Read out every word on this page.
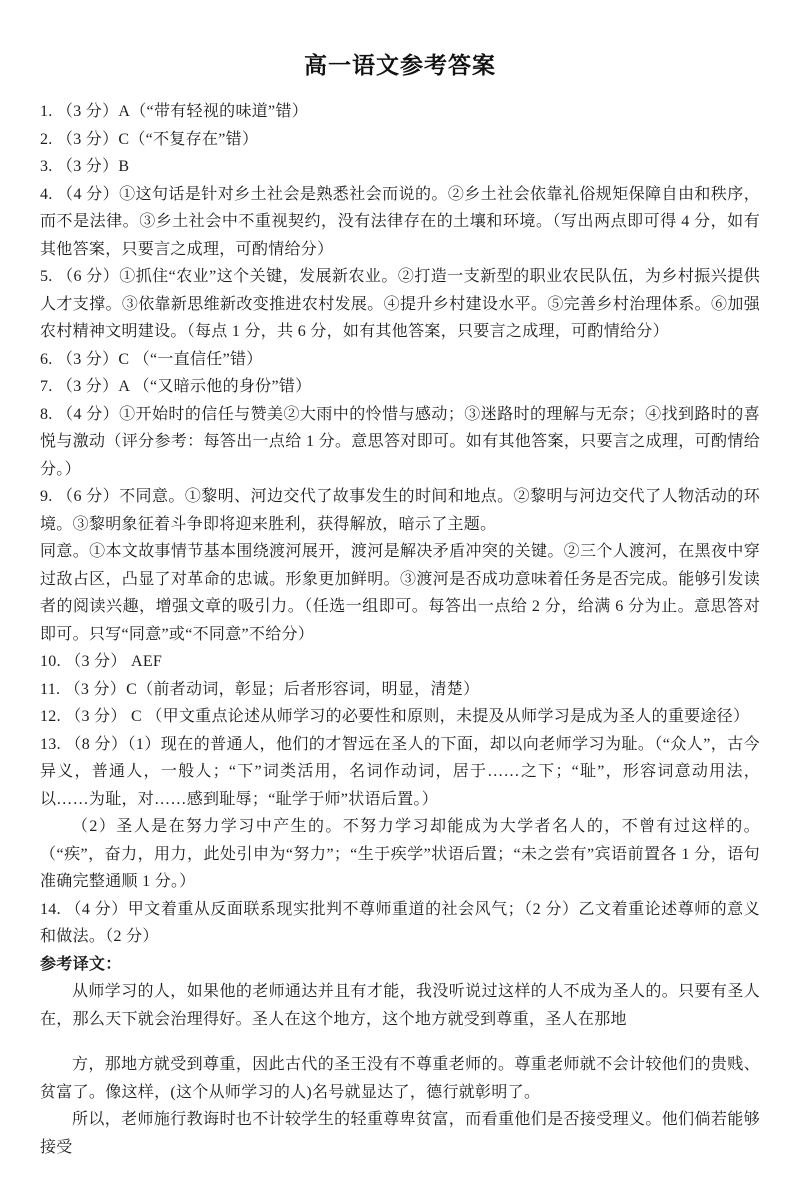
高一语文参考答案

1. （3 分）A（“带有轻视的味道”错）

2. （3 分）C（“不复存在”错）

3. （3 分）B

4. （4 分）①这句话是针对乡土社会是熟悉社会而说的。②乡土社会依靠礼俗规矩保障自由和秩序，而不是法律。③乡土社会中不重视契约，没有法律存在的土壤和环境。（写出两点即可得 4 分，如有其他答案，只要言之成理，可酌情给分）

5. （6 分）①抓住“农业”这个关键，发展新农业。②打造一支新型的职业农民队伍，为乡村振兴提供人才支撑。③依靠新思维新改变推进农村发展。④提升乡村建设水平。⑤完善乡村治理体系。⑥加强农村精神文明建设。（每点 1 分，共 6 分，如有其他答案，只要言之成理，可酌情给分）

6. （3 分）C （“一直信任”错）

7. （3 分）A （“又暗示他的身份”错）

8. （4 分）①开始时的信任与赞美②大雨中的怜惜与感动；③迷路时的理解与无奈；④找到路时的喜悦与激动（评分参考：每答出一点给 1 分。意思答对即可。如有其他答案，只要言之成理，可酌情给分。）

9. （6 分）不同意。①黎明、河边交代了故事发生的时间和地点。②黎明与河边交代了人物活动的环境。③黎明象征着斗争即将迎来胜利，获得解放，暗示了主题。

同意。①本文故事情节基本围绕渡河展开，渡河是解决矛盾冲突的关键。②三个人渡河，在黑夜中穿过敌占区，凸显了对革命的忠诚。形象更加鲜明。③渡河是否成功意味着任务是否完成。能够引发读者的阅读兴趣，增强文章的吸引力。（任选一组即可。每答出一点给 2 分，给满 6 分为止。意思答对即可。只写“同意”或“不同意”不给分）

10. （3 分） AEF

11. （3 分）C（前者动词，彰显；后者形容词，明显，清楚）

12. （3 分） C （甲文重点论述从师学习的必要性和原则，未提及从师学习是成为圣人的重要途径）

13. （8 分）（1）现在的普通人，他们的才智远在圣人的下面，却以向老师学习为耻。（“众人”，古今异义，普通人，一般人；“下”词类活用，名词作动词，居于……之下；“耻”，形容词意动用法，以……为耻，对……感到耻辱；“耻学于师”状语后置。）

（2）圣人是在努力学习中产生的。不努力学习却能成为大学者名人的，不曾有过这样的。（“疾”，奋力，用力，此处引申为“努力”；“生于疾学”状语后置；“未之尝有”宾语前置各 1 分，语句准确完整通顺 1 分。）

14. （4 分）甲文着重从反面联系现实批判不尊师重道的社会风气；（2 分）乙文着重论述尊师的意义和做法。（2 分）

参考译文：

从师学习的人，如果他的老师通达并且有才能，我没听说过这样的人不成为圣人的。只要有圣人在，那么天下就会治理得好。圣人在这个地方，这个地方就受到尊重，圣人在那地

方，那地方就受到尊重，因此古代的圣王没有不尊重老师的。尊重老师就不会计较他们的贵贱、贫富了。像这样，(这个从师学习的人)名号就显达了，德行就彰明了。

所以，老师施行教诲时也不计较学生的轻重尊卑贫富，而看重他们是否接受理义。他们倘若能够接受
